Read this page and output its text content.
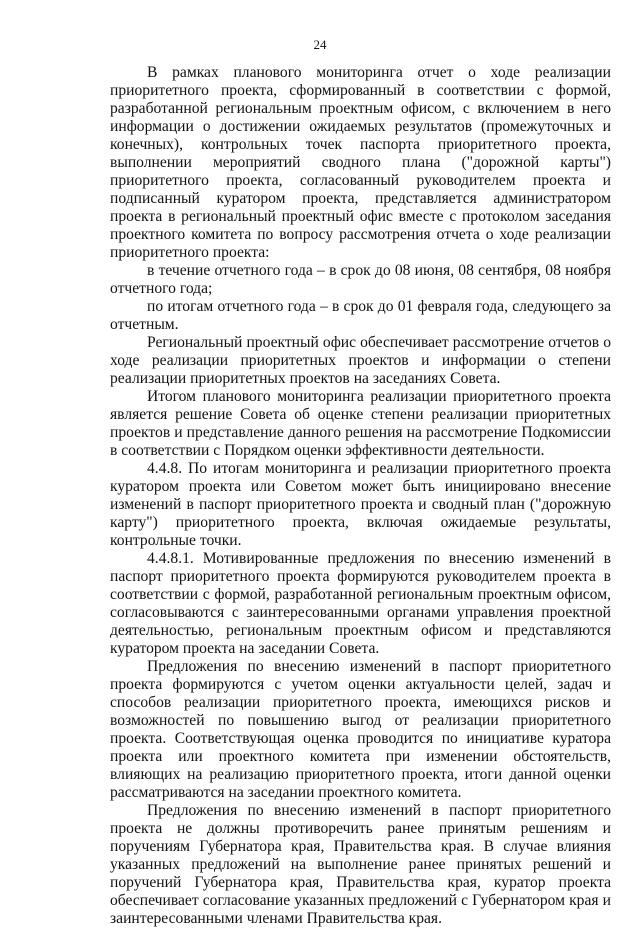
24

В рамках планового мониторинга отчет о ходе реализации приоритетного проекта, сформированный в соответствии с формой, разработанной региональным проектным офисом, с включением в него информации о достижении ожидаемых результатов (промежуточных и конечных), контрольных точек паспорта приоритетного проекта, выполнении мероприятий сводного плана ("дорожной карты") приоритетного проекта, согласованный руководителем проекта и подписанный куратором проекта, представляется администратором проекта в региональный проектный офис вместе с протоколом заседания проектного комитета по вопросу рассмотрения отчета о ходе реализации приоритетного проекта:

в течение отчетного года – в срок до 08 июня, 08 сентября, 08 ноября отчетного года;

по итогам отчетного года – в срок до 01 февраля года, следующего за отчетным.

Региональный проектный офис обеспечивает рассмотрение отчетов о ходе реализации приоритетных проектов и информации о степени реализации приоритетных проектов на заседаниях Совета.

Итогом планового мониторинга реализации приоритетного проекта является решение Совета об оценке степени реализации приоритетных проектов и представление данного решения на рассмотрение Подкомиссии в соответствии с Порядком оценки эффективности деятельности.

4.4.8. По итогам мониторинга и реализации приоритетного проекта куратором проекта или Советом может быть инициировано внесение изменений в паспорт приоритетного проекта и сводный план ("дорожную карту") приоритетного проекта, включая ожидаемые результаты, контрольные точки.

4.4.8.1. Мотивированные предложения по внесению изменений в паспорт приоритетного проекта формируются руководителем проекта в соответствии с формой, разработанной региональным проектным офисом, согласовываются с заинтересованными органами управления проектной деятельностью, региональным проектным офисом и представляются куратором проекта на заседании Совета.

Предложения по внесению изменений в паспорт приоритетного проекта формируются с учетом оценки актуальности целей, задач и способов реализации приоритетного проекта, имеющихся рисков и возможностей по повышению выгод от реализации приоритетного проекта. Соответствующая оценка проводится по инициативе куратора проекта или проектного комитета при изменении обстоятельств, влияющих на реализацию приоритетного проекта, итоги данной оценки рассматриваются на заседании проектного комитета.

Предложения по внесению изменений в паспорт приоритетного проекта не должны противоречить ранее принятым решениям и поручениям Губернатора края, Правительства края. В случае влияния указанных предложений на выполнение ранее принятых решений и поручений Губернатора края, Правительства края, куратор проекта обеспечивает согласование указанных предложений с Губернатором края и заинтересованными членами Правительства края.
